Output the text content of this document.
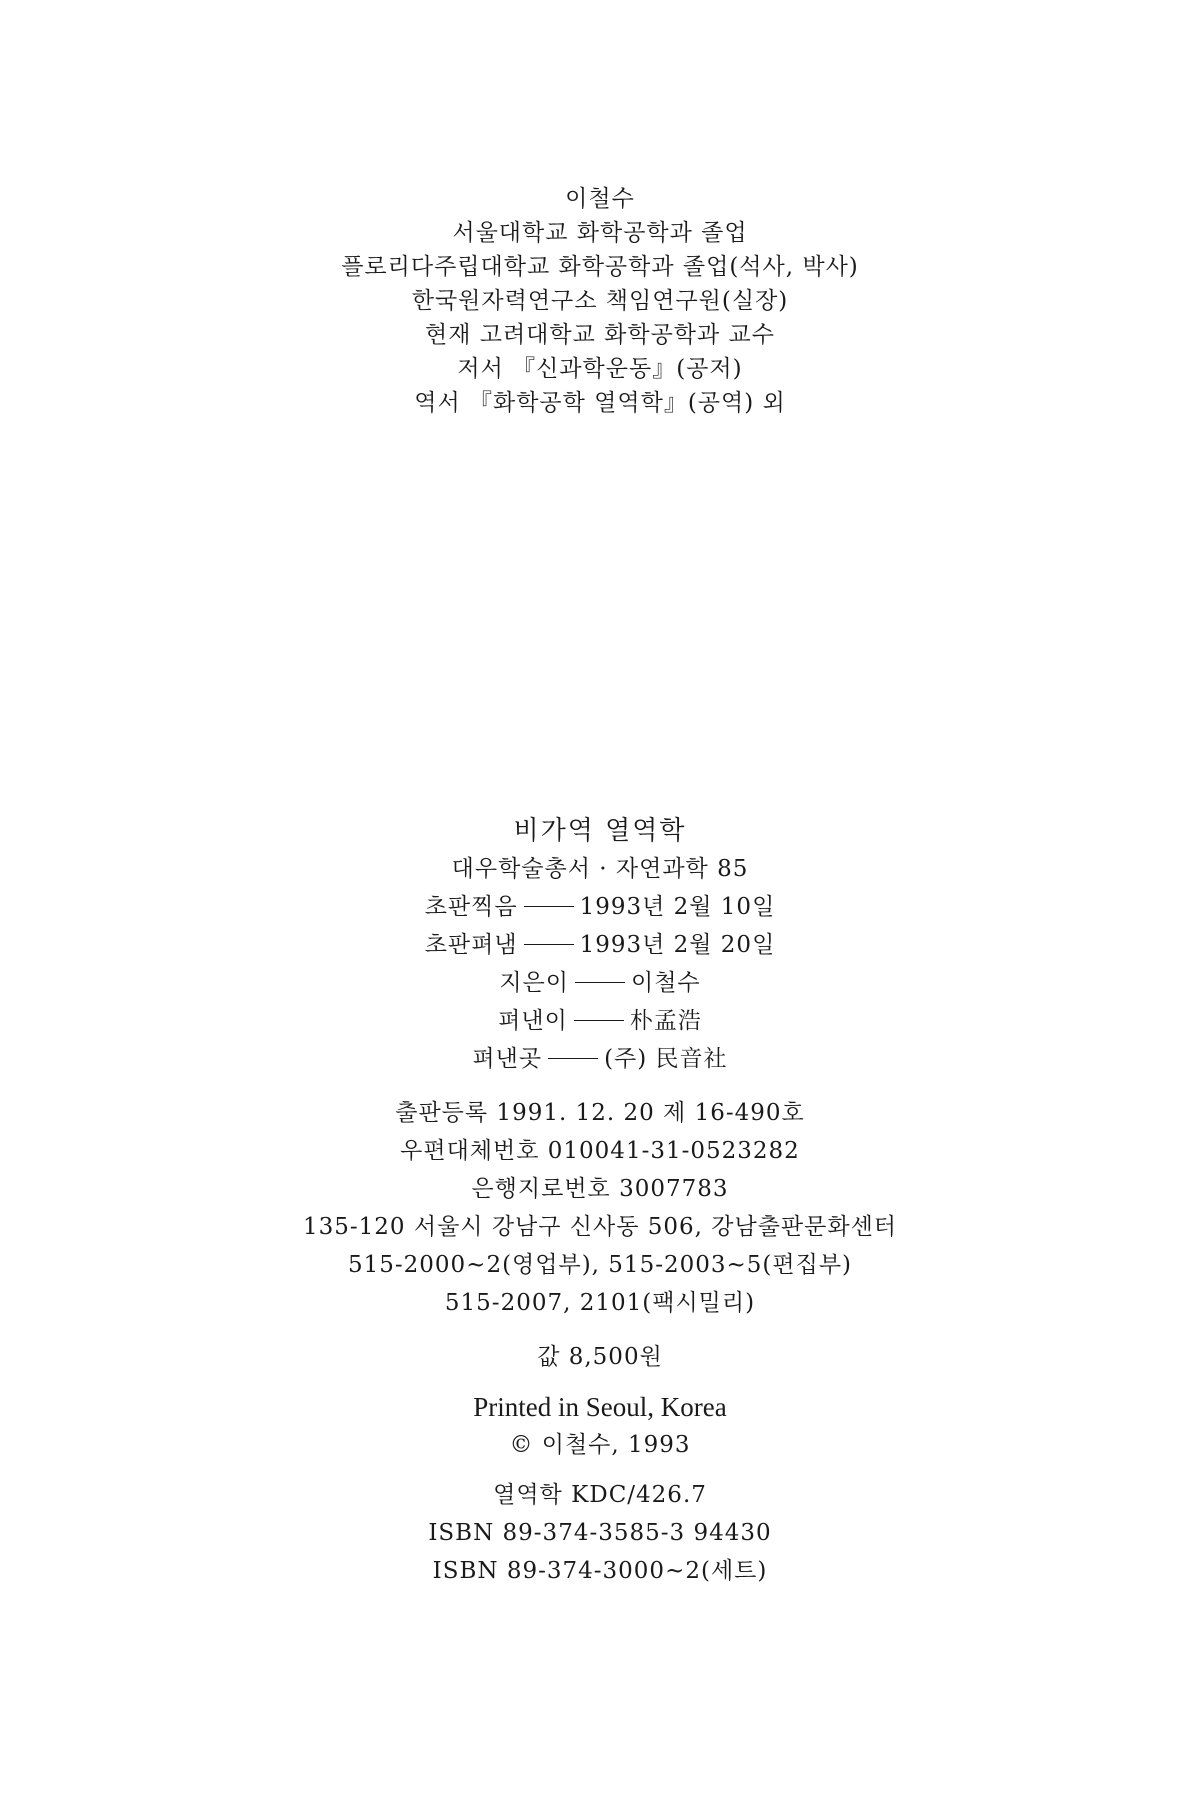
이철수
서울대학교 화학공학과 졸업
플로리다주립대학교 화학공학과 졸업(석사, 박사)
한국원자력연구소 책임연구원(실장)
현재 고려대학교 화학공학과 교수
저서 『신과학운동』(공저)
역서 『화학공학 열역학』(공역) 외
비가역 열역학
대우학술총서 · 자연과학 85
초판찍음	1993년 2월 10일
초판펴냄	1993년 2월 20일
지은이	이철수
펴낸이	朴孟浩
펴낸곳	(주) 民音社
출판등록 1991. 12. 20 제 16-490호
우편대체번호 010041-31-0523282
은행지로번호 3007783
135-120 서울시 강남구 신사동 506, 강남출판문화센터
515-2000~2(영업부), 515-2003~5(편집부)
515-2007, 2101(팩시밀리)
값 8,500원
Printed in Seoul, Korea
© 이철수, 1993
열역학 KDC/426.7
ISBN 89-374-3585-3 94430
ISBN 89-374-3000~2(세트)
